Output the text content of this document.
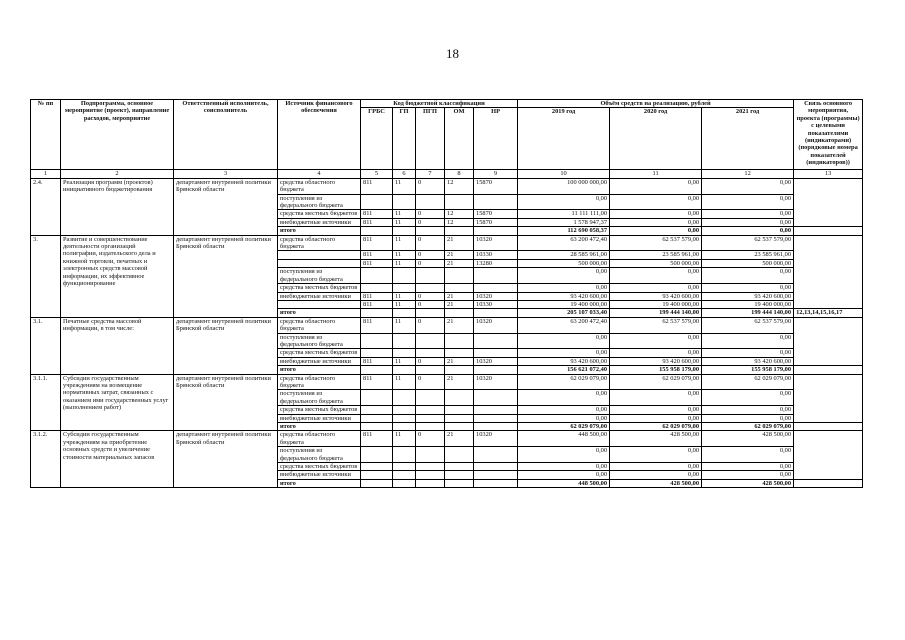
18
№ пп	Подпрограмма, основное мероприятие (проект), направление расходов, мероприятие	Ответственный исполнитель, соисполнитель	Источник финансового обеспечения	Код бюджетной классификации					Объём средств на реализацию, рублей			Связь основного мероприятия, проекта (программы) с целевыми показателями (индикаторами) (порядковые номера показателей (индикаторов))
				ГРБС	ГП	ПГП	ОМ	НР	2019 год	2020 год	2021 год	
1	2	3	4	5	6	7	8	9	10	11	12	13
2.4.	Реализация программ (проектов) инициативного бюджетирования	департамент внутренней политики Брянской области	средства областного бюджета	811	11	0	12	15870	100 000 000,00	0,00	0,00	
			поступления из федерального бюджета						0,00	0,00	0,00	
			средства местных бюджетов	811	11	0	12	15870	11 111 111,00	0,00	0,00	
			внебюджетные источники	811	11	0	12	15870	1 578 947,37	0,00	0,00	
			итого						112 690 058,37	0,00	0,00	
3.	Развитие и совершенствование деятельности организаций полиграфии, издательского дела и книжной торговли, печатных и электронных средств массовой информации, их эффективное функционирование	департамент внутренней политики Брянской области	средства областного бюджета	811	11	0	21	10320	63 200 472,40	62 537 579,00	62 537 579,00	
				811	11	0	21	10330	28 585 961,00	23 585 961,00	23 585 961,00	
				811	11	0	21	13280	500 000,00	500 000,00	500 000,00	
			поступления из федерального бюджета						0,00	0,00	0,00	
			средства местных бюджетов						0,00	0,00	0,00	
			внебюджетные источники	811	11	0	21	10320	93 420 600,00	93 420 600,00	93 420 600,00	
				811	11	0	21	10330	19 400 000,00	19 400 000,00	19 400 000,00	
			итого						205 107 033,40	199 444 140,00	199 444 140,00	12,13,14,15,16,17
3.1.	Печатные средства массовой информации, в том числе:	департамент внутренней политики Брянской области	средства областного бюджета	811	11	0	21	10320	63 200 472,40	62 537 579,00	62 537 579,00	
			поступления из федерального бюджета						0,00	0,00	0,00	
			средства местных бюджетов						0,00	0,00	0,00	
			внебюджетные источники	811	11	0	21	10320	93 420 600,00	93 420 600,00	93 420 600,00	
			итого						156 621 072,40	155 958 179,00	155 958 179,00	
3.1.1.	Субсидии государственным учреждениям на возмещение нормативных затрат, связанных с оказанием ими государственных услуг (выполнением работ)	департамент внутренней политики Брянской области	средства областного бюджета	811	11	0	21	10320	62 029 079,00	62 029 079,00	62 029 079,00	
			поступления из федерального бюджета						0,00	0,00	0,00	
			средства местных бюджетов						0,00	0,00	0,00	
			внебюджетные источники						0,00	0,00	0,00	
			итого						62 029 079,00	62 029 079,00	62 029 079,00	
3.1.2.	Субсидии государственным учреждениям на приобретение основных средств и увеличение стоимости материальных запасов	департамент внутренней политики Брянской области	средства областного бюджета	811	11	0	21	10320	448 500,00	428 500,00	428 500,00	
			поступления из федерального бюджета						0,00	0,00	0,00	
			средства местных бюджетов						0,00	0,00	0,00	
			внебюджетные источники						0,00	0,00	0,00	
			итого						448 500,00	428 500,00	428 500,00	
